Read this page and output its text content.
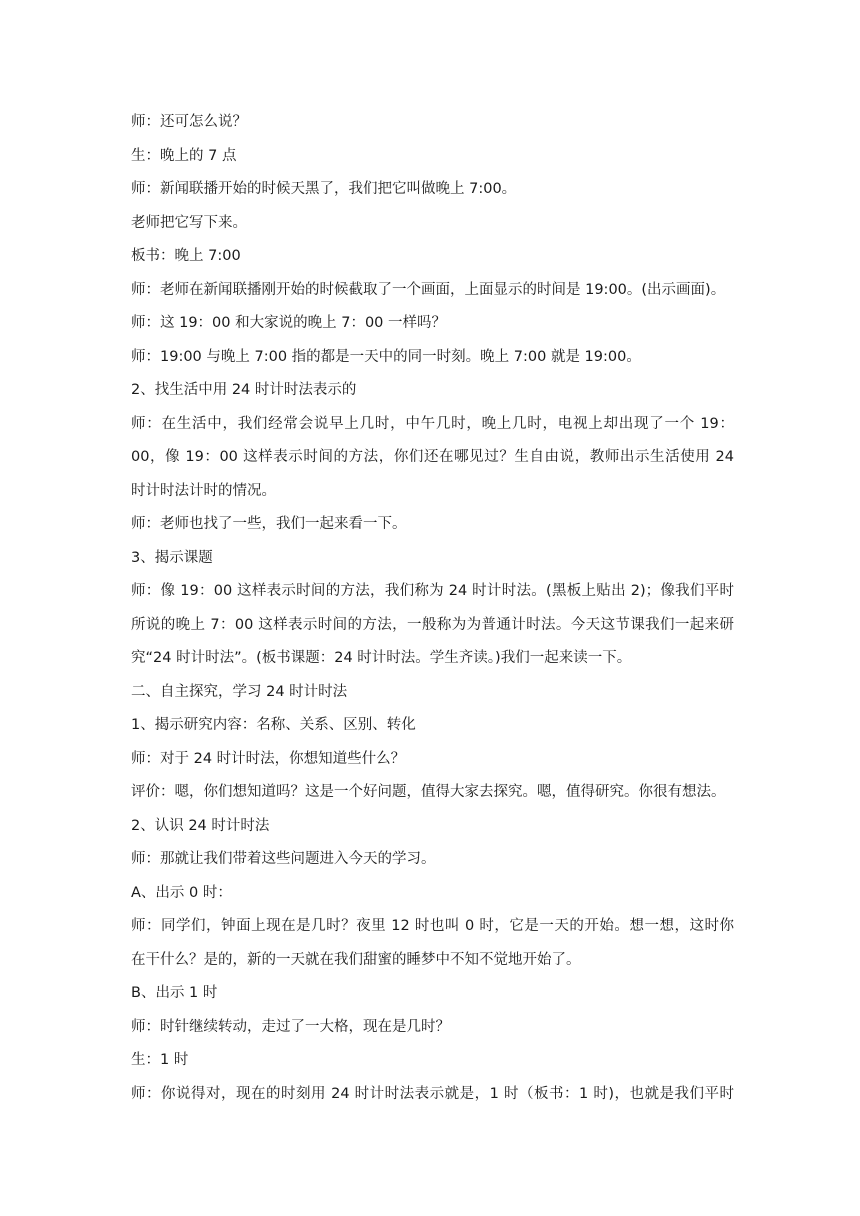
师：还可怎么说？
生：晚上的 7 点
师：新闻联播开始的时候天黑了，我们把它叫做晚上 7:00。
老师把它写下来。
板书：晚上 7:00
师：老师在新闻联播刚开始的时候截取了一个画面，上面显示的时间是 19:00。(出示画面)。
师：这 19：00 和大家说的晚上 7：00 一样吗？
师：19:00 与晚上 7:00 指的都是一天中的同一时刻。晚上 7:00 就是 19:00。
2、找生活中用 24 时计时法表示的
师：在生活中，我们经常会说早上几时，中午几时，晚上几时，电视上却出现了一个 19：
00，像 19：00 这样表示时间的方法，你们还在哪见过？生自由说，教师出示生活使用 24
时计时法计时的情况。
师：老师也找了一些，我们一起来看一下。
3、揭示课题
师：像 19：00 这样表示时间的方法，我们称为 24 时计时法。(黑板上贴出 2)；像我们平时
所说的晚上 7：00 这样表示时间的方法，一般称为为普通计时法。今天这节课我们一起来研
究“24 时计时法”。(板书课题：24 时计时法。学生齐读。)我们一起来读一下。
二、自主探究，学习 24 时计时法
1、揭示研究内容：名称、关系、区别、转化
师：对于 24 时计时法，你想知道些什么？
评价：嗯，你们想知道吗？这是一个好问题，值得大家去探究。嗯，值得研究。你很有想法。
2、认识 24 时计时法
师：那就让我们带着这些问题进入今天的学习。
A、出示 0 时：
师：同学们，钟面上现在是几时？夜里 12 时也叫 0 时，它是一天的开始。想一想，这时你
在干什么？是的，新的一天就在我们甜蜜的睡梦中不知不觉地开始了。
B、出示 1 时
师：时针继续转动，走过了一大格，现在是几时？
生：1 时
师：你说得对，现在的时刻用 24 时计时法表示就是，1 时（板书：1 时)，也就是我们平时
